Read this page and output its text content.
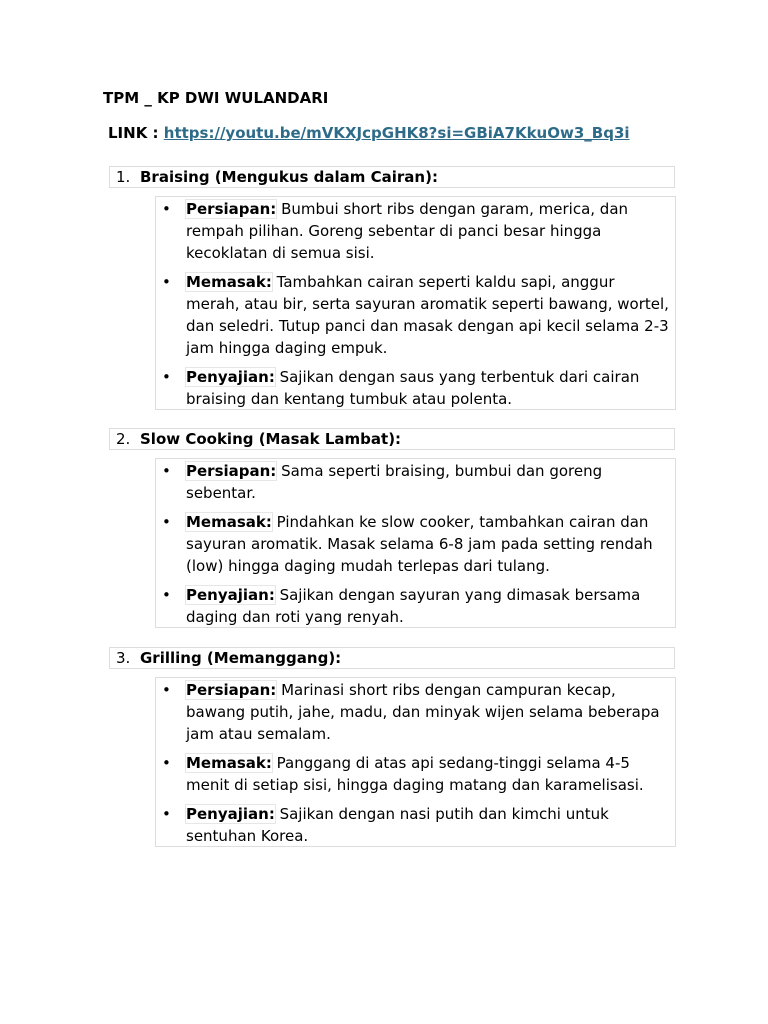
TPM _ KP DWI WULANDARI
LINK : https://youtu.be/mVKXJcpGHK8?si=GBiA7KkuOw3_Bq3i
1. Braising (Mengukus dalam Cairan):
• Persiapan: Bumbui short ribs dengan garam, merica, dan rempah pilihan. Goreng sebentar di panci besar hingga kecoklatan di semua sisi.
• Memasak: Tambahkan cairan seperti kaldu sapi, anggur merah, atau bir, serta sayuran aromatik seperti bawang, wortel, dan seledri. Tutup panci dan masak dengan api kecil selama 2-3 jam hingga daging empuk.
• Penyajian: Sajikan dengan saus yang terbentuk dari cairan braising dan kentang tumbuk atau polenta.
2. Slow Cooking (Masak Lambat):
• Persiapan: Sama seperti braising, bumbui dan goreng sebentar.
• Memasak: Pindahkan ke slow cooker, tambahkan cairan dan sayuran aromatik. Masak selama 6-8 jam pada setting rendah (low) hingga daging mudah terlepas dari tulang.
• Penyajian: Sajikan dengan sayuran yang dimasak bersama daging dan roti yang renyah.
3. Grilling (Memanggang):
• Persiapan: Marinasi short ribs dengan campuran kecap, bawang putih, jahe, madu, dan minyak wijen selama beberapa jam atau semalam.
• Memasak: Panggang di atas api sedang-tinggi selama 4-5 menit di setiap sisi, hingga daging matang dan karamelisasi.
• Penyajian: Sajikan dengan nasi putih dan kimchi untuk sentuhan Korea.
